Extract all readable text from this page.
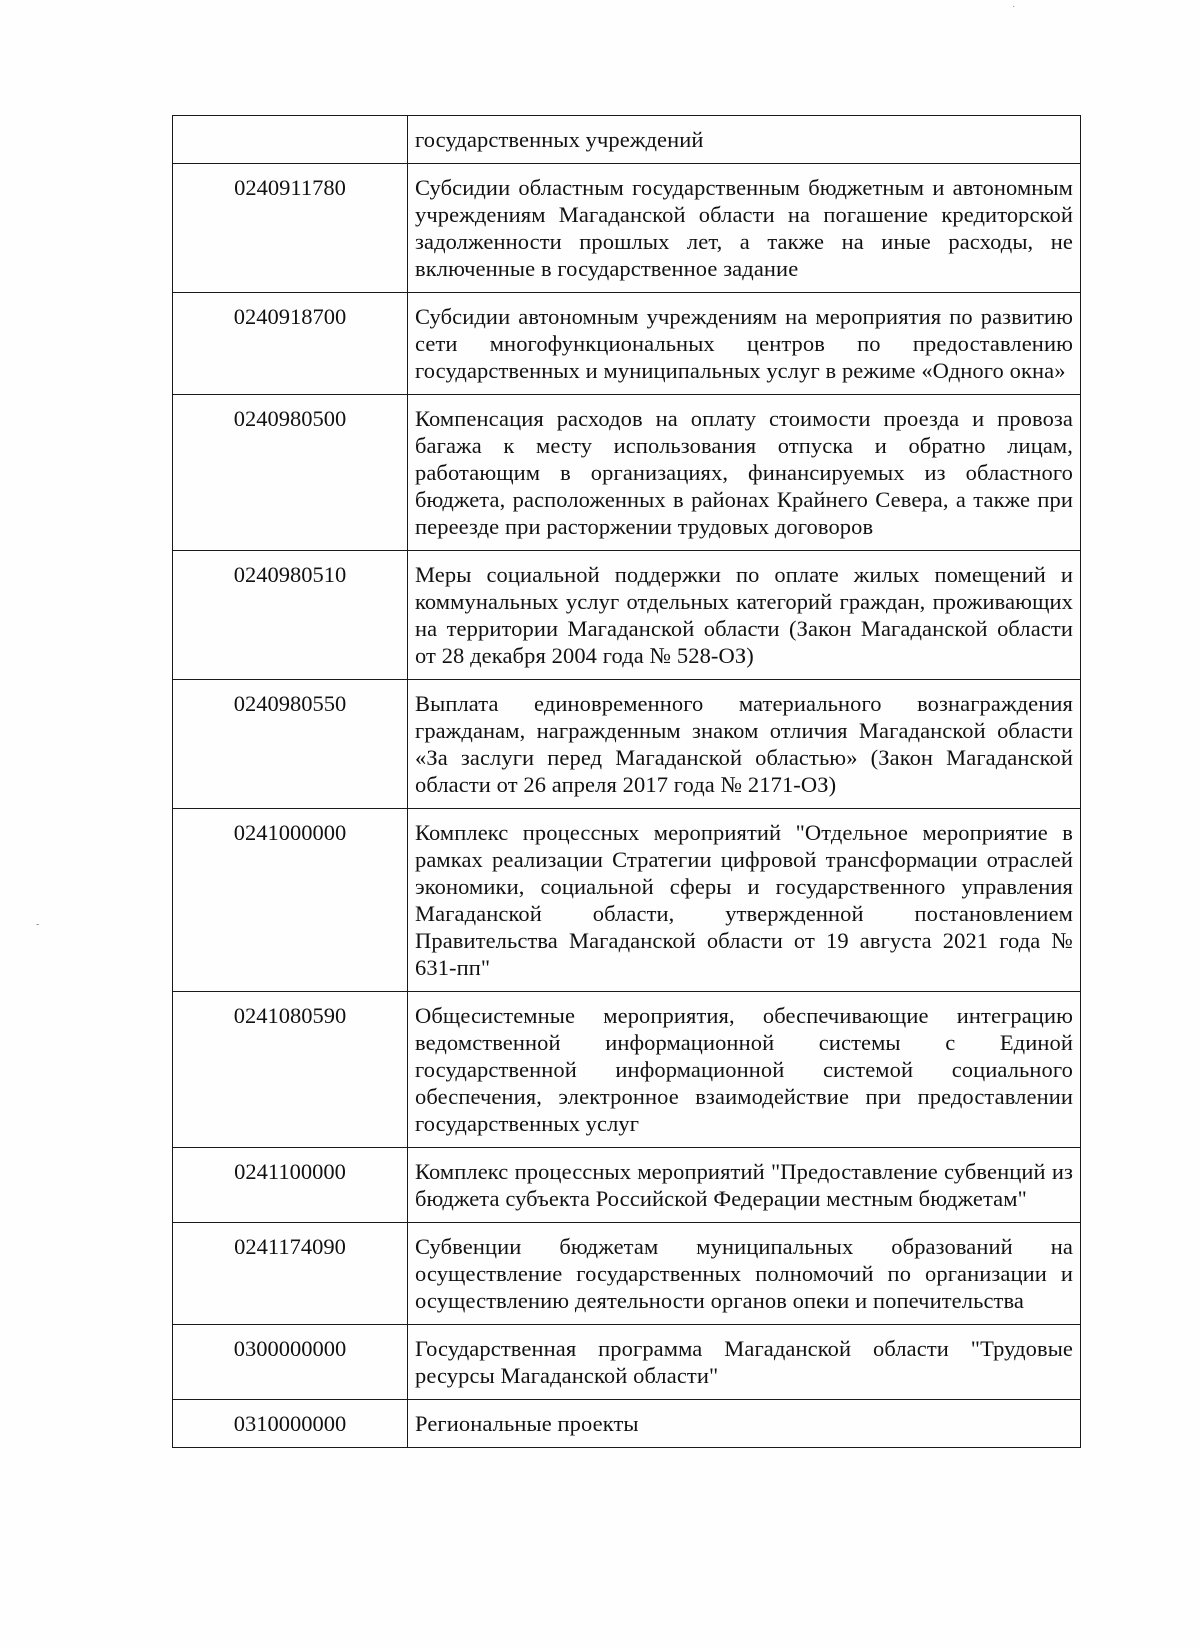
˙
-
	государственных учреждений
0240911780	Субсидии областным государственным бюджетным и автономным учреждениям Магаданской области на погашение кредиторской задолженности прошлых лет, а также на иные расходы, не включенные в государственное задание
0240918700	Субсидии автономным учреждениям на мероприятия по развитию сети многофункциональных центров по предоставлению государственных и муниципальных услуг в режиме «Одного окна»
0240980500	Компенсация расходов на оплату стоимости проезда и провоза багажа к месту использования отпуска и обратно лицам, работающим в организациях, финансируемых из областного бюджета, расположенных в районах Крайнего Севера, а также при переезде при расторжении трудовых договоров
0240980510	Меры социальной поддержки по оплате жилых помещений и коммунальных услуг отдельных категорий граждан, проживающих на территории Магаданской области (Закон Магаданской области от 28 декабря 2004 года № 528-ОЗ)
0240980550	Выплата единовременного материального вознаграждения гражданам, награжденным знаком отличия Магаданской области «За заслуги перед Магаданской областью» (Закон Магаданской области от 26 апреля 2017 года № 2171-ОЗ)
0241000000	Комплекс процессных мероприятий "Отдельное мероприятие в рамках реализации Стратегии цифровой трансформации отраслей экономики, социальной сферы и государственного управления Магаданской области, утвержденной постановлением Правительства Магаданской области от 19 августа 2021 года № 631-пп"
0241080590	Общесистемные мероприятия, обеспечивающие интеграцию ведомственной информационной системы с Единой государственной информационной системой социального обеспечения, электронное взаимодействие при предоставлении государственных услуг
0241100000	Комплекс процессных мероприятий "Предоставление субвенций из бюджета субъекта Российской Федерации местным бюджетам"
0241174090	Субвенции бюджетам муниципальных образований на осуществление государственных полномочий по организации и осуществлению деятельности органов опеки и попечительства
0300000000	Государственная программа Магаданской области "Трудовые ресурсы Магаданской области"
0310000000	Региональные проекты
